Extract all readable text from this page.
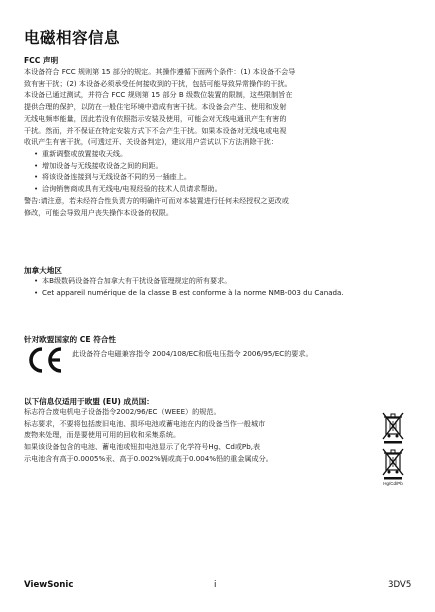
电磁相容信息
FCC 声明

本设备符合 FCC 规则第 15 部分的规定。其操作遵循下面两个条件：(1) 本设备不会导

致有害干扰；(2) 本设备必须承受任何接收到的干扰，包括可能导致异常操作的干扰。

本设备已通过测试，并符合 FCC 规则第 15 部分 B 级数位装置的限制，这些限制旨在

提供合理的保护，以防在一般住宅环境中造成有害干扰。本设备会产生、使用和发射

无线电频率能量，因此若没有依照指示安装及使用，可能会对无线电通讯产生有害的

干扰。然而，并不保证在特定安装方式下不会产生干扰。如果本设备对无线电或电视

收讯产生有害干扰，(可透过开、关设备判定)，建议用户尝试以下方法消除干扰：

• 重新调整或放置接收天线。
• 增加设备与无线接收设备之间的间距。
• 将该设备连接到与无线设备不同的另一插座上。
• 洽询销售商或具有无线电/电视经验的技术人员请求帮助。

警告:请注意，若未经符合性负责方的明确许可而对本装置进行任何未经授权之更改或

修改，可能会导致用户丧失操作本设备的权限。

加拿大地区
• 本B级数码设备符合加拿大有干扰设备管理规定的所有要求。
• Cet appareil numérique de la classe B est conforme à la norme NMB-003 du Canada.
针对欧盟国家的 CE 符合性
此设备符合电磁兼容指令 2004/108/EC和低电压指令 2006/95/EC的要求。
以下信息仅适用于欧盟 (EU) 成员国：

标志符合废电机电子设备指令2002/96/EC（WEEE）的规范。

标志要求，不要将包括废旧电池、损坏电池或蓄电池在内的设备当作一般城市

废物来处理，而是要使用可用的回收和采集系统。

如果该设备包含的电池、蓄电池或钮扣电池显示了化学符号Hg、Cd或Pb,表

示电池含有高于0.0005%汞、高于0.002%镉或高于0.004%铅的重金属成分。

Hg/Cd/Pb
ViewSonic	i	3DV5
